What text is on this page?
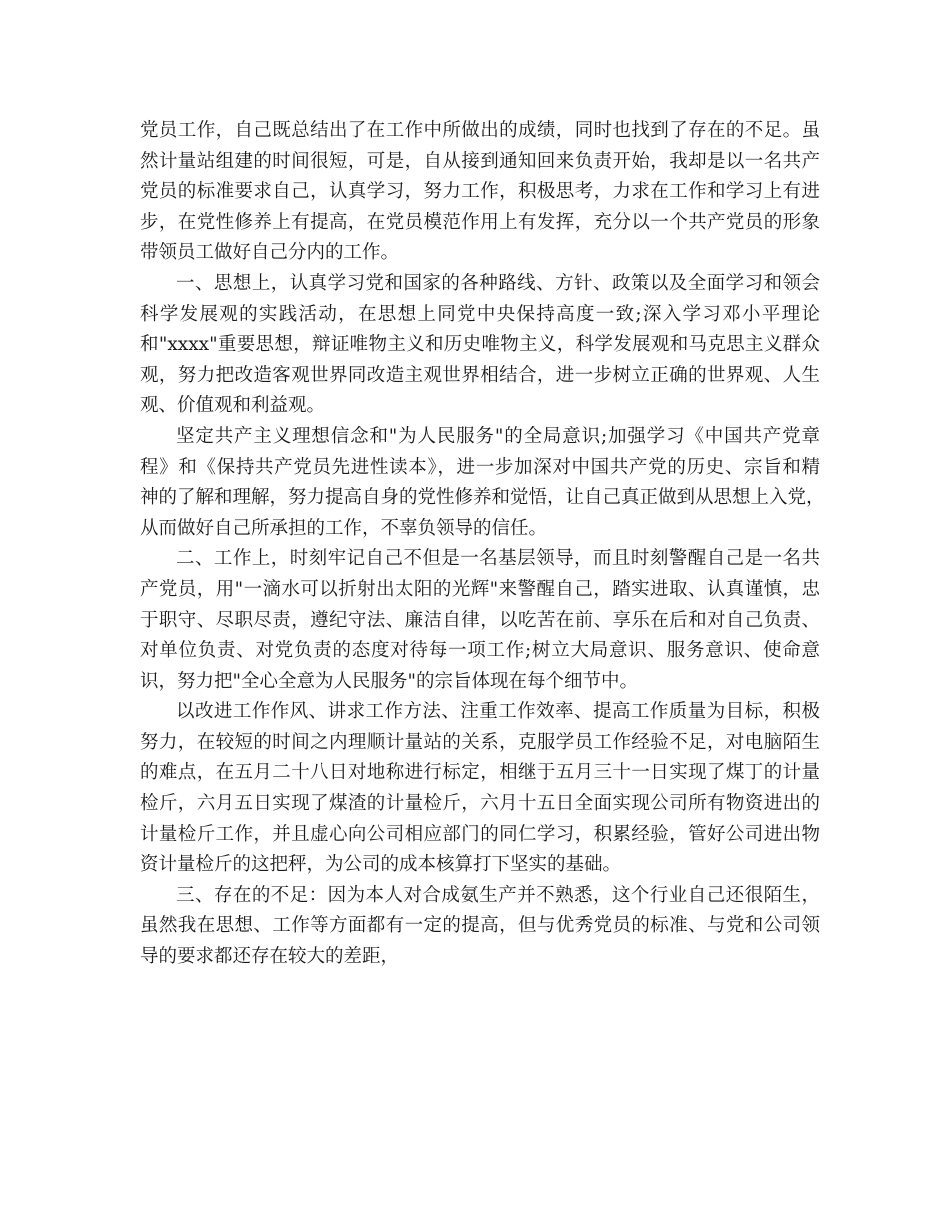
党员工作，自己既总结出了在工作中所做出的成绩，同时也找到了存在的不足。虽
然计量站组建的时间很短，可是，自从接到通知回来负责开始，我却是以一名共产
党员的标准要求自己，认真学习，努力工作，积极思考，力求在工作和学习上有进
步，在党性修养上有提高，在党员模范作用上有发挥，充分以一个共产党员的形象
带领员工做好自己分内的工作。
一、思想上，认真学习党和国家的各种路线、方针、政策以及全面学习和领会
科学发展观的实践活动，在思想上同党中央保持高度一致;深入学习邓小平理论
和"xxxx"重要思想，辩证唯物主义和历史唯物主义，科学发展观和马克思主义群众
观，努力把改造客观世界同改造主观世界相结合，进一步树立正确的世界观、人生
观、价值观和利益观。
坚定共产主义理想信念和"为人民服务"的全局意识;加强学习《中国共产党章
程》和《保持共产党员先进性读本》，进一步加深对中国共产党的历史、宗旨和精
神的了解和理解，努力提高自身的党性修养和觉悟，让自己真正做到从思想上入党，
从而做好自己所承担的工作，不辜负领导的信任。
二、工作上，时刻牢记自己不但是一名基层领导，而且时刻警醒自己是一名共
产党员，用"一滴水可以折射出太阳的光辉"来警醒自己，踏实进取、认真谨慎，忠
于职守、尽职尽责，遵纪守法、廉洁自律，以吃苦在前、享乐在后和对自己负责、
对单位负责、对党负责的态度对待每一项工作;树立大局意识、服务意识、使命意
识，努力把"全心全意为人民服务"的宗旨体现在每个细节中。
以改进工作作风、讲求工作方法、注重工作效率、提高工作质量为目标，积极
努力，在较短的时间之内理顺计量站的关系，克服学员工作经验不足，对电脑陌生
的难点，在五月二十八日对地称进行标定，相继于五月三十一日实现了煤丁的计量
检斤，六月五日实现了煤渣的计量检斤，六月十五日全面实现公司所有物资进出的
计量检斤工作，并且虚心向公司相应部门的同仁学习，积累经验，管好公司进出物
资计量检斤的这把秤，为公司的成本核算打下坚实的基础。
三、存在的不足：因为本人对合成氨生产并不熟悉，这个行业自己还很陌生，
虽然我在思想、工作等方面都有一定的提高，但与优秀党员的标准、与党和公司领
导的要求都还存在较大的差距，
